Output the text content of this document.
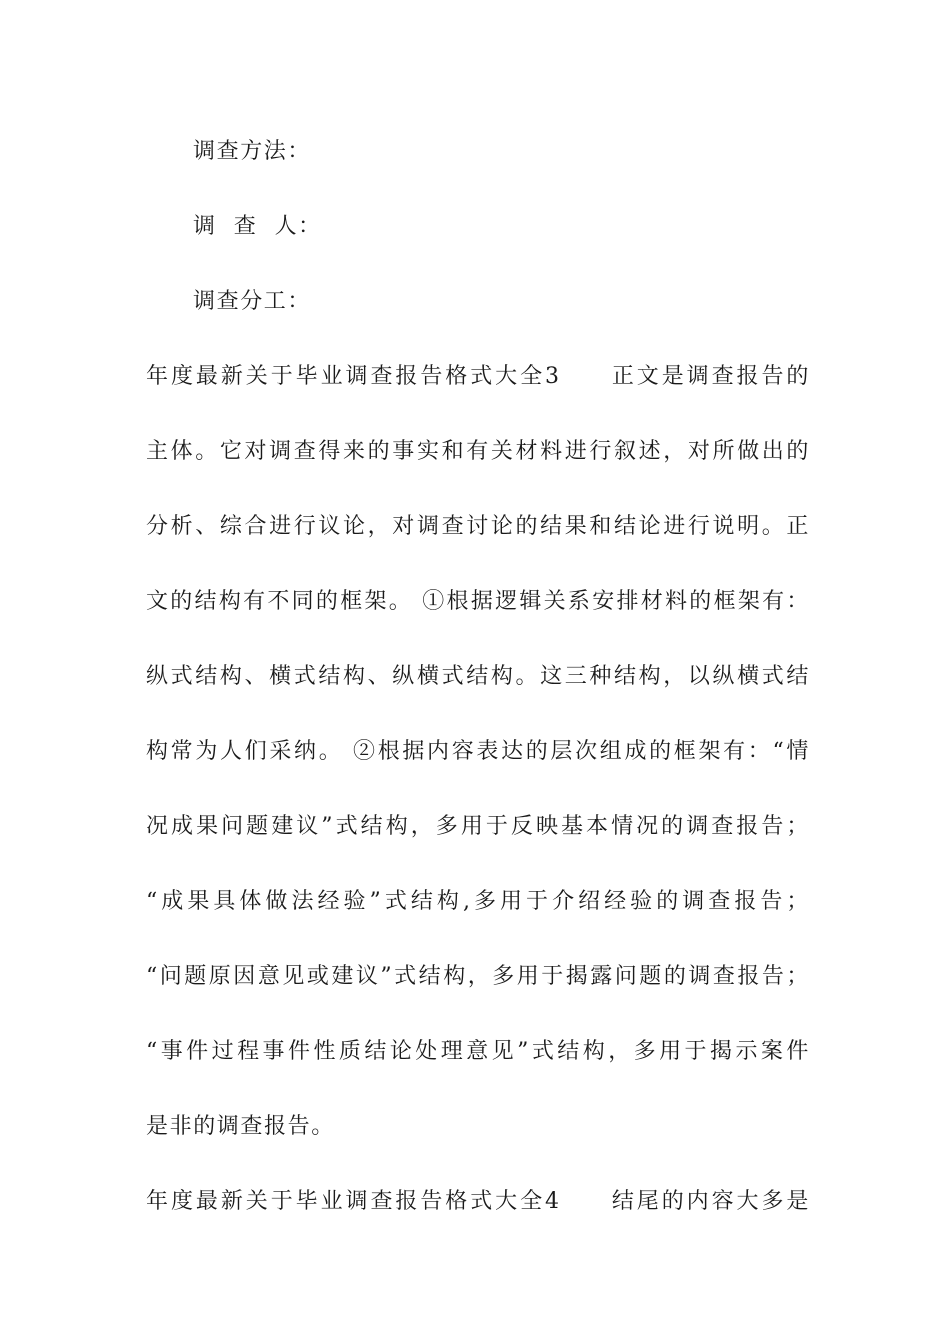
调查方法：
调  查  人：
调查分工：
年度最新关于毕业调查报告格式大全3　　正文是调查报告的
主体。它对调查得来的事实和有关材料进行叙述，对所做出的
分析、综合进行议论，对调查讨论的结果和结论进行说明。正
文的结构有不同的框架。 ①根据逻辑关系安排材料的框架有：
纵式结构、横式结构、纵横式结构。这三种结构，以纵横式结
构常为人们采纳。 ②根据内容表达的层次组成的框架有：“情
况成果问题建议”式结构，多用于反映基本情况的调查报告；
“成果具体做法经验”式结构,多用于介绍经验的调查报告；
“问题原因意见或建议”式结构，多用于揭露问题的调查报告；
“事件过程事件性质结论处理意见”式结构，多用于揭示案件
是非的调查报告。
年度最新关于毕业调查报告格式大全4　　结尾的内容大多是
